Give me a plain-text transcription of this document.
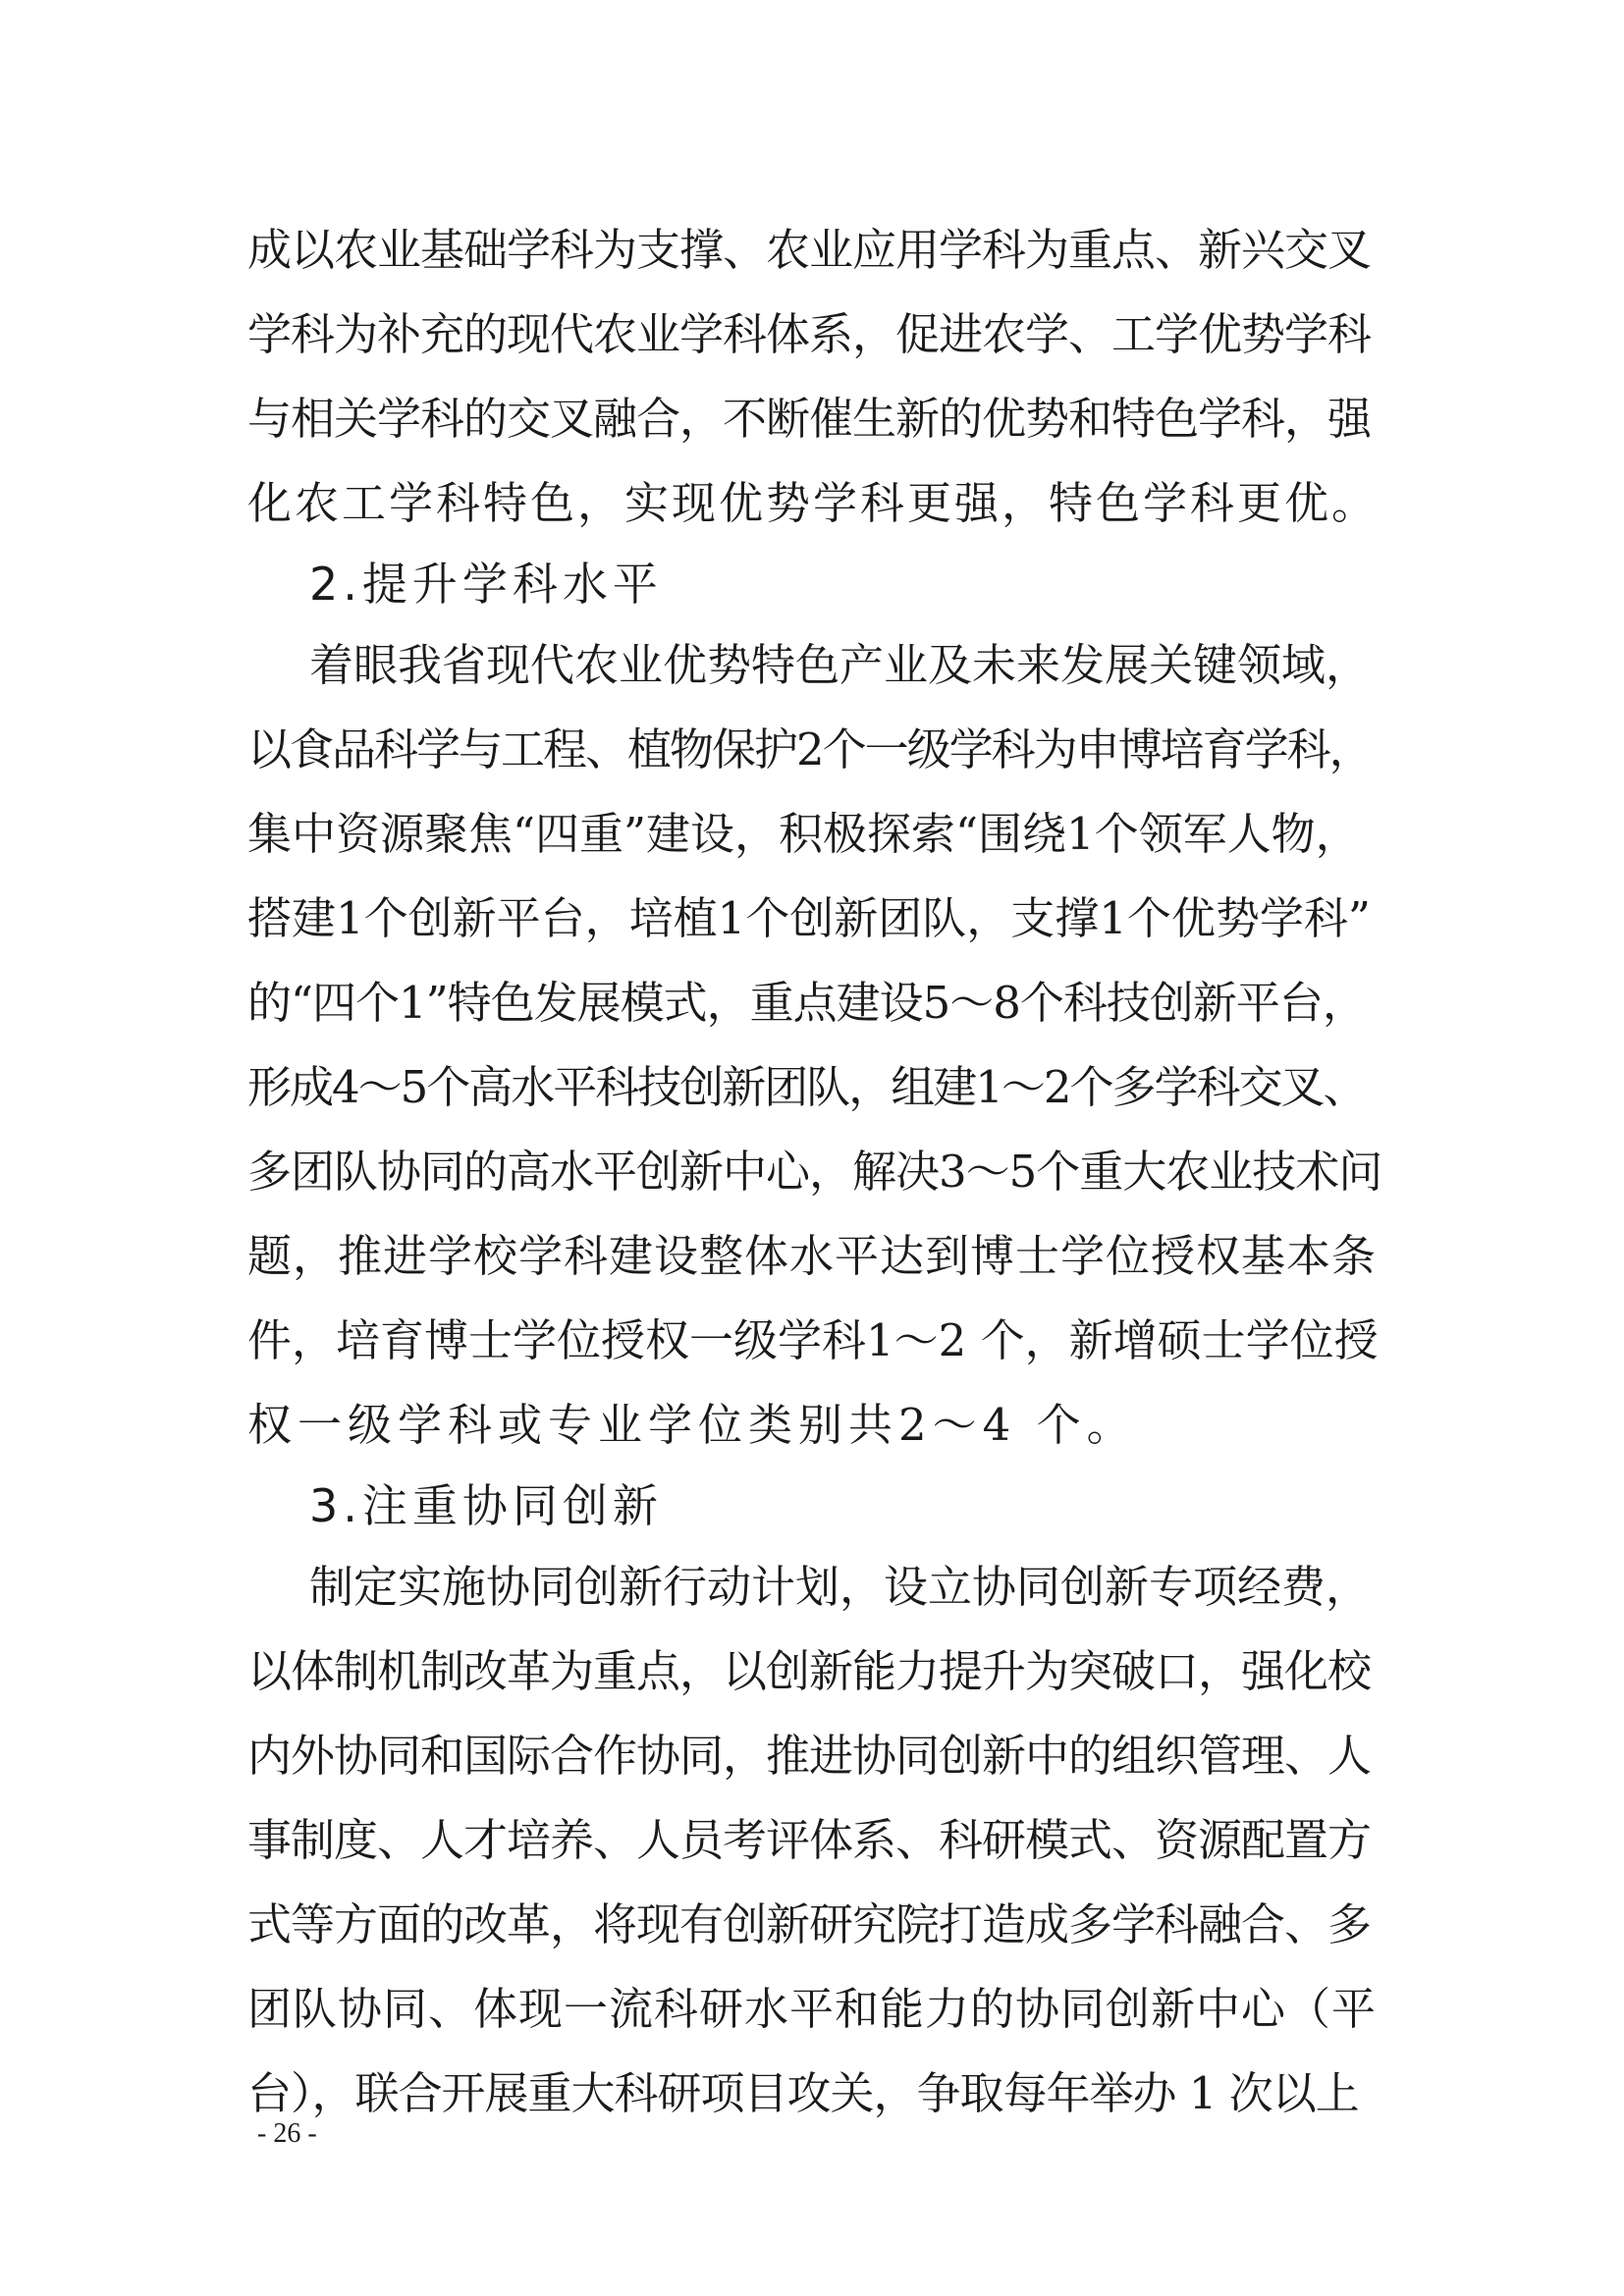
成以农业基础学科为支撑、农业应用学科为重点、新兴交叉
学科为补充的现代农业学科体系，促进农学、工学优势学科
与相关学科的交叉融合，不断催生新的优势和特色学科，强
化农工学科特色，实现优势学科更强，特色学科更优。
2.提升学科水平
着眼我省现代农业优势特色产业及未来发展关键领域，
以食品科学与工程、植物保护2个一级学科为申博培育学科，
集中资源聚焦“四重”建设，积极探索“围绕1个领军人物，
搭建1个创新平台，培植1个创新团队，支撑1个优势学科”
的“四个1”特色发展模式，重点建设5～8个科技创新平台，
形成4～5个高水平科技创新团队，组建1～2个多学科交叉、
多团队协同的高水平创新中心，解决3～5个重大农业技术问
题，推进学校学科建设整体水平达到博士学位授权基本条
件，培育博士学位授权一级学科1～2 个，新增硕士学位授
权一级学科或专业学位类别共2～4 个。
3.注重协同创新
制定实施协同创新行动计划，设立协同创新专项经费，
以体制机制改革为重点，以创新能力提升为突破口，强化校
内外协同和国际合作协同，推进协同创新中的组织管理、人
事制度、人才培养、人员考评体系、科研模式、资源配置方
式等方面的改革，将现有创新研究院打造成多学科融合、多
团队协同、体现一流科研水平和能力的协同创新中心（平
台），联合开展重大科研项目攻关，争取每年举办 1 次以上
- 26 -
